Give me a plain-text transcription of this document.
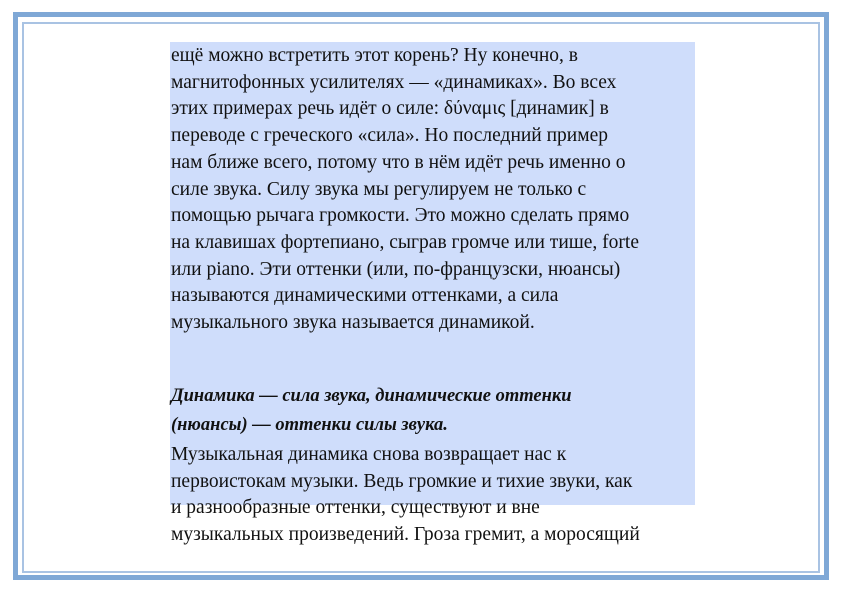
ещё можно встретить этот корень? Ну конечно, в
магнитофонных усилителях — «динамиках». Во всех
этих примерах речь идёт о силе: δύναμις [динамик] в
переводе с греческого «сила». Но последний пример
нам ближе всего, потому что в нём идёт речь именно о
силе звука. Силу звука мы регулируем не только с
помощью рычага громкости. Это можно сделать прямо
на клавишах фортепиано, сыграв громче или тише, forte
или piano. Эти оттенки (или, по-французски, нюансы)
называются динамическими оттенками, а сила
музыкального звука называется динамикой.
Динамика — сила звука, динамические оттенки
(нюансы) — оттенки силы звука.
Музыкальная динамика снова возвращает нас к
первоистокам музыки. Ведь громкие и тихие звуки, как
и разнообразные оттенки, существуют и вне
музыкальных произведений. Гроза гремит, а моросящий
